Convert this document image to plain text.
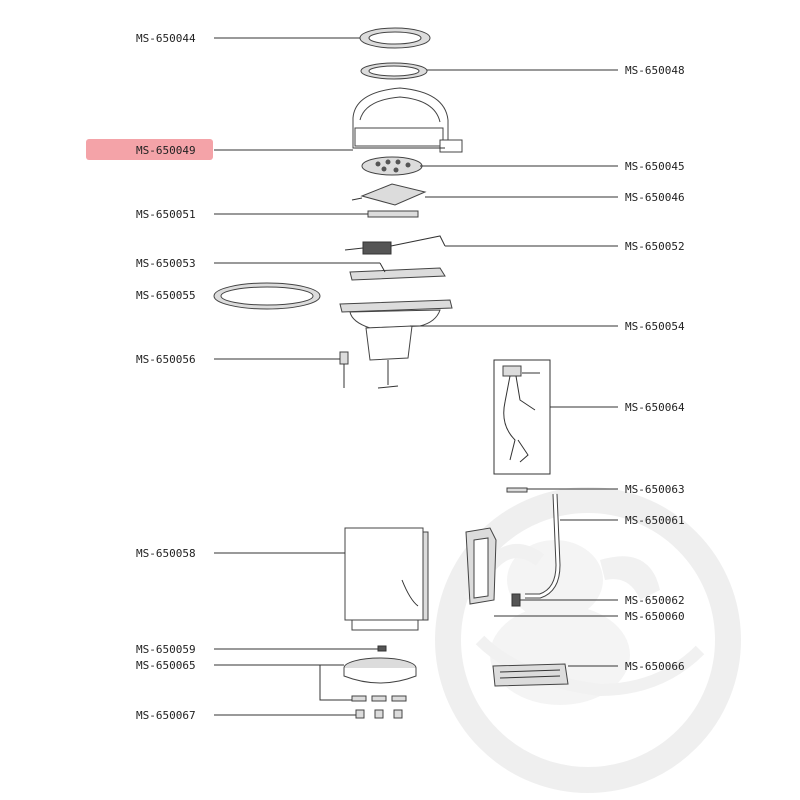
MS-650044
MS-650048
MS-650049
MS-650045
MS-650046
MS-650051
MS-650052
MS-650053
MS-650055
MS-650054
MS-650056
MS-650064
MS-650063
MS-650061
MS-650058
MS-650062
MS-650060
MS-650059
MS-650065	MS-650066
MS-650067
